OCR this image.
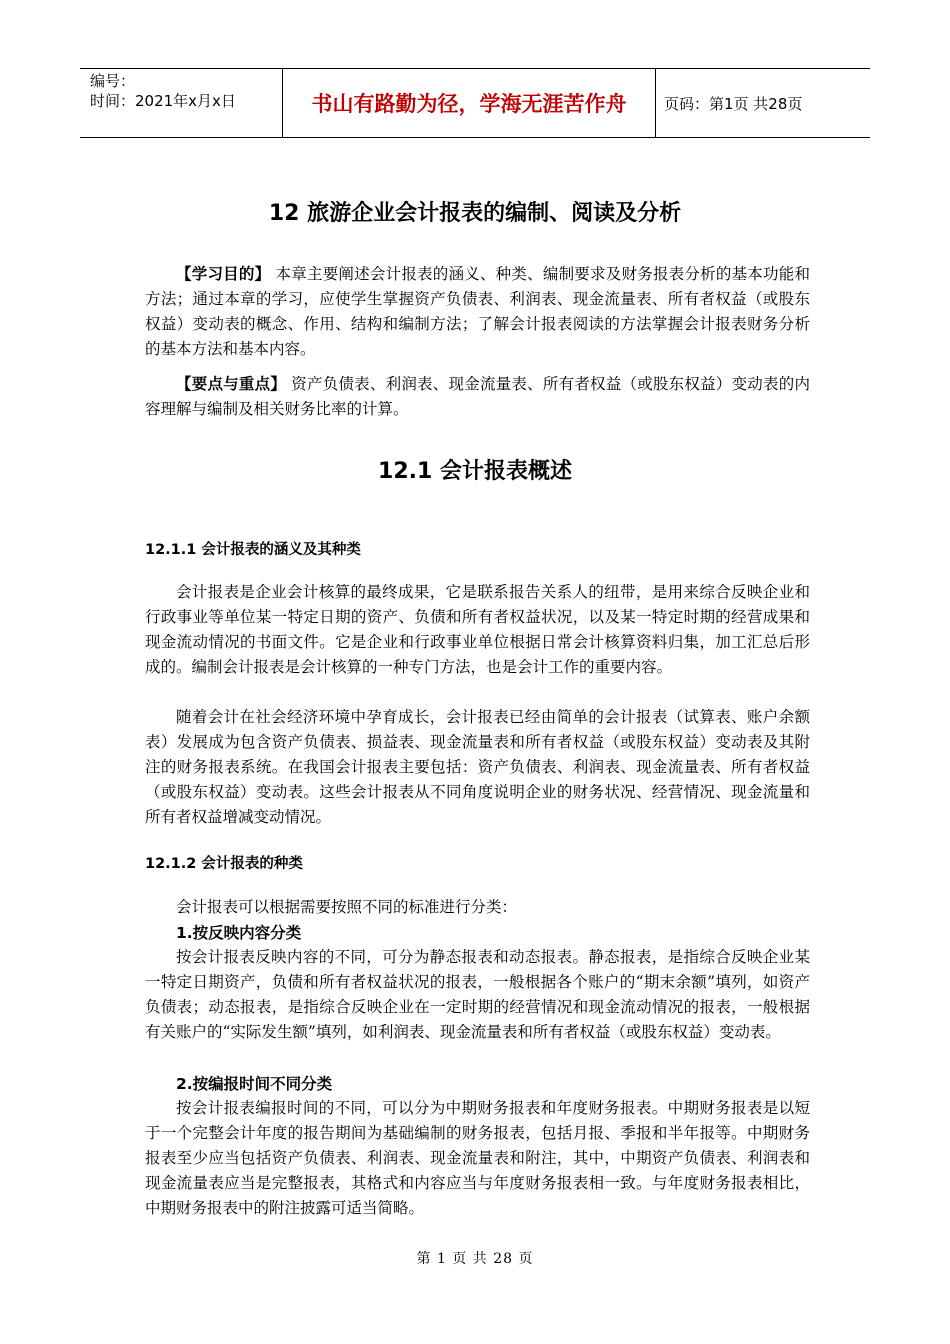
编号：
时间：2021年x月x日	书山有路勤为径，学海无涯苦作舟	页码：第1页 共28页
12 旅游企业会计报表的编制、阅读及分析
【学习目的】 本章主要阐述会计报表的涵义、种类、编制要求及财务报表分析的基本功能和方法；通过本章的学习，应使学生掌握资产负债表、利润表、现金流量表、所有者权益（或股东权益）变动表的概念、作用、结构和编制方法；了解会计报表阅读的方法掌握会计报表财务分析的基本方法和基本内容。
【要点与重点】 资产负债表、利润表、现金流量表、所有者权益（或股东权益）变动表的内容理解与编制及相关财务比率的计算。
12.1 会计报表概述
12.1.1 会计报表的涵义及其种类
会计报表是企业会计核算的最终成果，它是联系报告关系人的纽带，是用来综合反映企业和行政事业等单位某一特定日期的资产、负债和所有者权益状况，以及某一特定时期的经营成果和现金流动情况的书面文件。它是企业和行政事业单位根据日常会计核算资料归集，加工汇总后形成的。编制会计报表是会计核算的一种专门方法，也是会计工作的重要内容。
随着会计在社会经济环境中孕育成长，会计报表已经由简单的会计报表（试算表、账户余额表）发展成为包含资产负债表、损益表、现金流量表和所有者权益（或股东权益）变动表及其附注的财务报表系统。在我国会计报表主要包括：资产负债表、利润表、现金流量表、所有者权益（或股东权益）变动表。这些会计报表从不同角度说明企业的财务状况、经营情况、现金流量和所有者权益增减变动情况。
12.1.2 会计报表的种类
会计报表可以根据需要按照不同的标准进行分类：
1.按反映内容分类
按会计报表反映内容的不同，可分为静态报表和动态报表。静态报表，是指综合反映企业某一特定日期资产，负债和所有者权益状况的报表，一般根据各个账户的“期末余额”填列，如资产负债表；动态报表，是指综合反映企业在一定时期的经营情况和现金流动情况的报表，一般根据有关账户的“实际发生额”填列，如利润表、现金流量表和所有者权益（或股东权益）变动表。
2.按编报时间不同分类
按会计报表编报时间的不同，可以分为中期财务报表和年度财务报表。中期财务报表是以短于一个完整会计年度的报告期间为基础编制的财务报表，包括月报、季报和半年报等。中期财务报表至少应当包括资产负债表、利润表、现金流量表和附注，其中，中期资产负债表、利润表和现金流量表应当是完整报表，其格式和内容应当与年度财务报表相一致。与年度财务报表相比，中期财务报表中的附注披露可适当简略。
第 1 页 共 28 页
